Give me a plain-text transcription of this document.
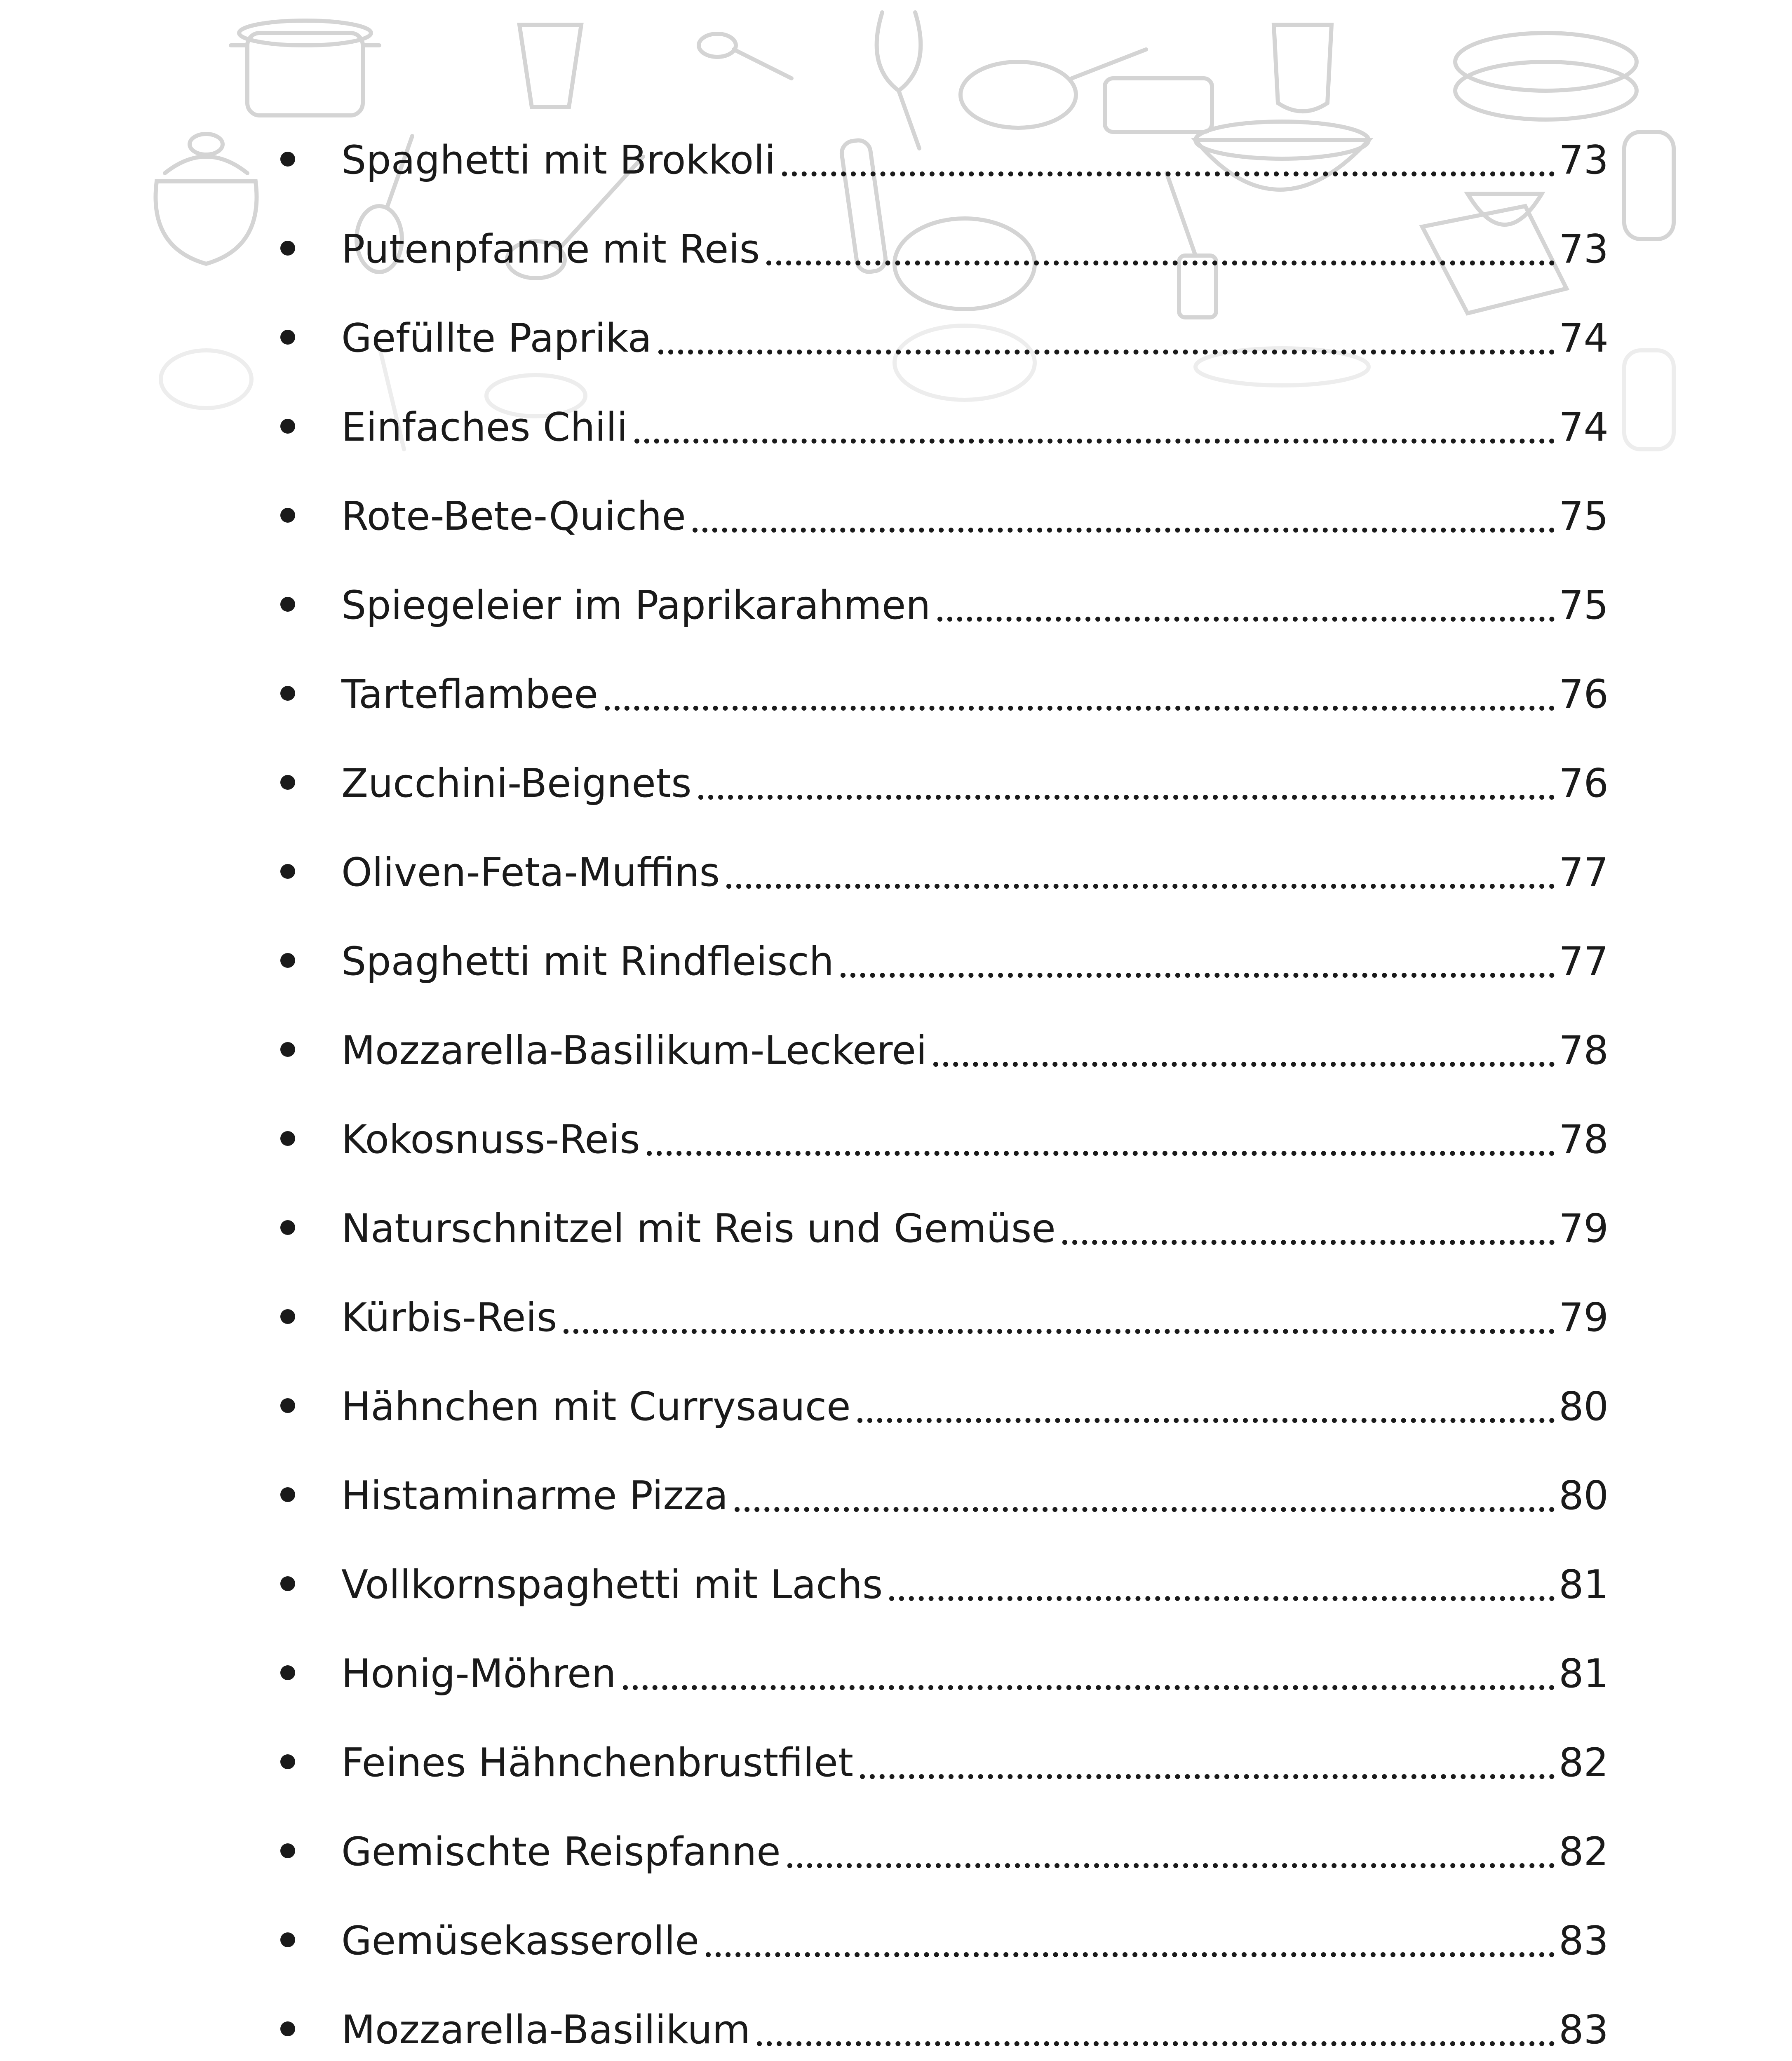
Spaghetti mit Brokkoli	73
Putenpfanne mit Reis	73
Gefüllte Paprika	74
Einfaches Chili	74
Rote-Bete-Quiche	75
Spiegeleier im Paprikarahmen	75
Tarteflambee	76
Zucchini-Beignets	76
Oliven-Feta-Muffins	77
Spaghetti mit Rindfleisch	77
Mozzarella-Basilikum-Leckerei	78
Kokosnuss-Reis	78
Naturschnitzel mit Reis und Gemüse	79
Kürbis-Reis	79
Hähnchen mit Currysauce	80
Histaminarme Pizza	80
Vollkornspaghetti mit Lachs	81
Honig-Möhren	81
Feines Hähnchenbrustfilet	82
Gemischte Reispfanne	82
Gemüsekasserolle	83
Mozzarella-Basilikum	83
